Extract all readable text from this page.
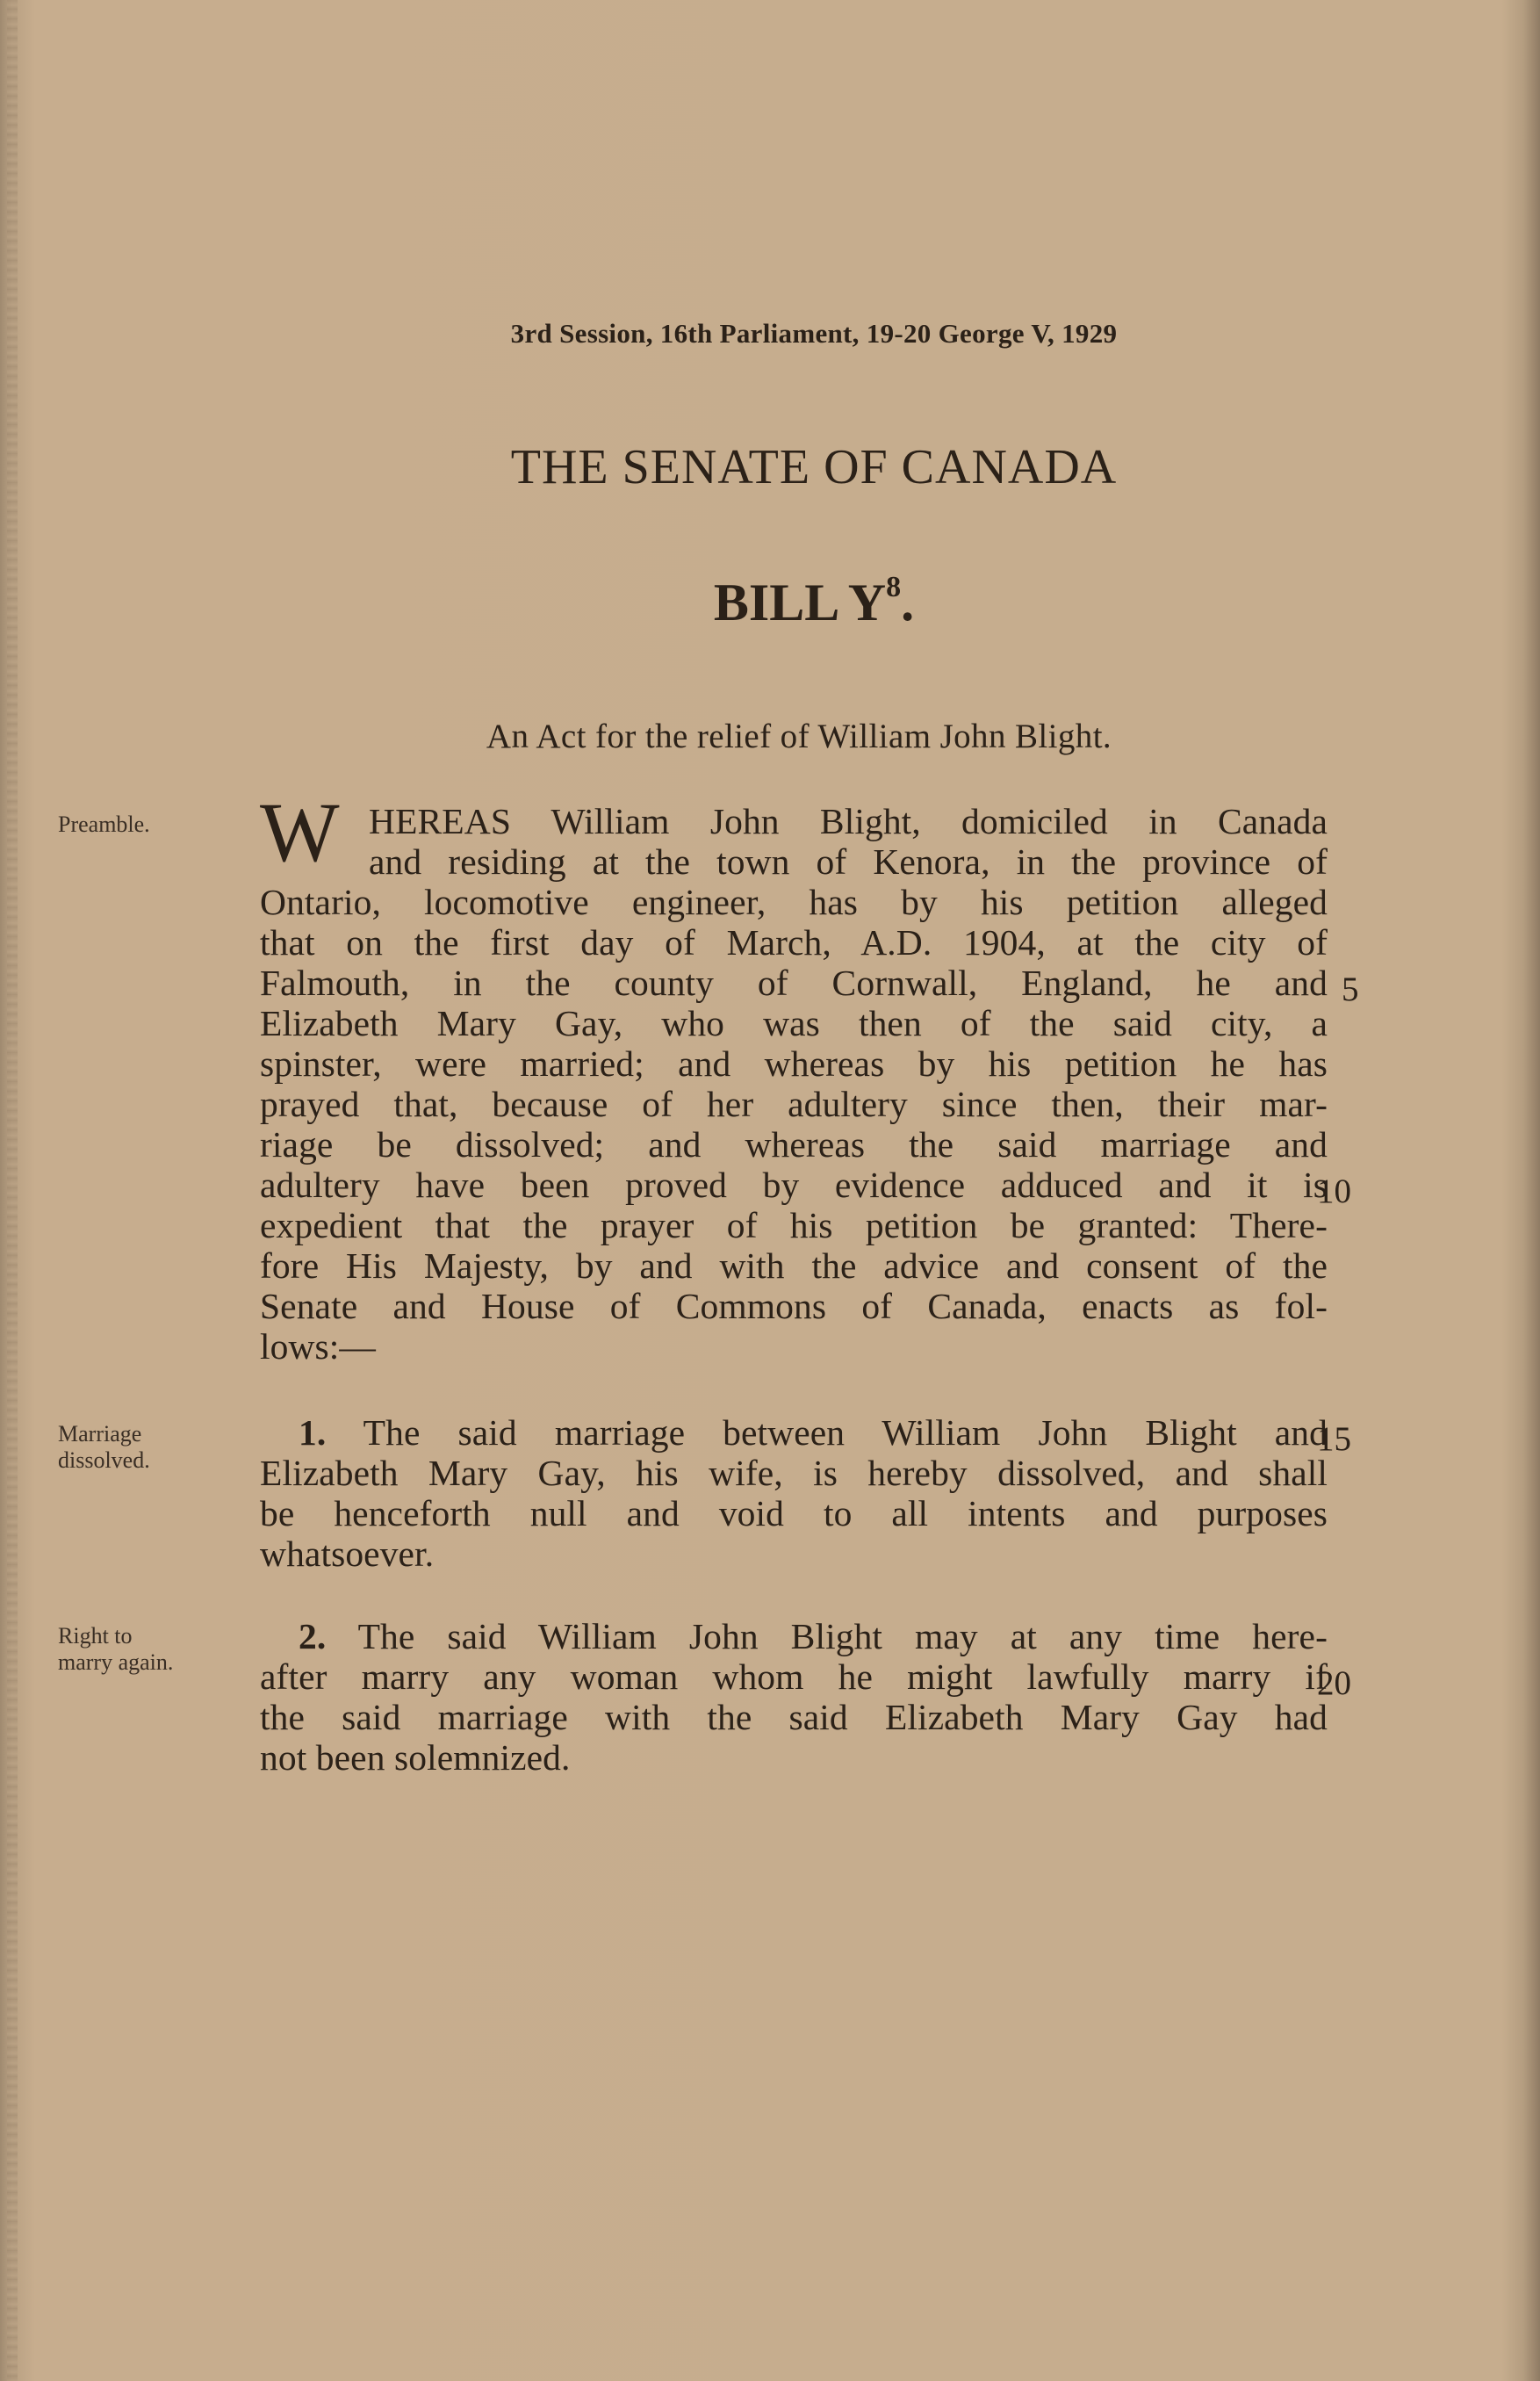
3rd Session, 16th Parliament, 19-20 George V, 1929
THE SENATE OF CANADA
BILL $Y^8$.
An Act for the relief of William John Blight.
Preamble.
Marriage
dissolved.
Right to
marry again.
W HEREAS William John Blight, domiciled in Canada
and residing at the town of Kenora, in the province of
Ontario, locomotive engineer, has by his petition alleged
that on the first day of March, A.D. 1904, at the city of
Falmouth, in the county of Cornwall, England, he and
Elizabeth Mary Gay, who was then of the said city, a
spinster, were married; and whereas by his petition he has
prayed that, because of her adultery since then, their mar-
riage be dissolved; and whereas the said marriage and
adultery have been proved by evidence adduced and it is
expedient that the prayer of his petition be granted: There-
fore His Majesty, by and with the advice and consent of the
Senate and House of Commons of Canada, enacts as fol-
lows:—
1. The said marriage between William John Blight and
Elizabeth Mary Gay, his wife, is hereby dissolved, and shall
be henceforth null and void to all intents and purposes
whatsoever.
2. The said William John Blight may at any time here-
after marry any woman whom he might lawfully marry if
the said marriage with the said Elizabeth Mary Gay had
not been solemnized.
5
10
15
20
